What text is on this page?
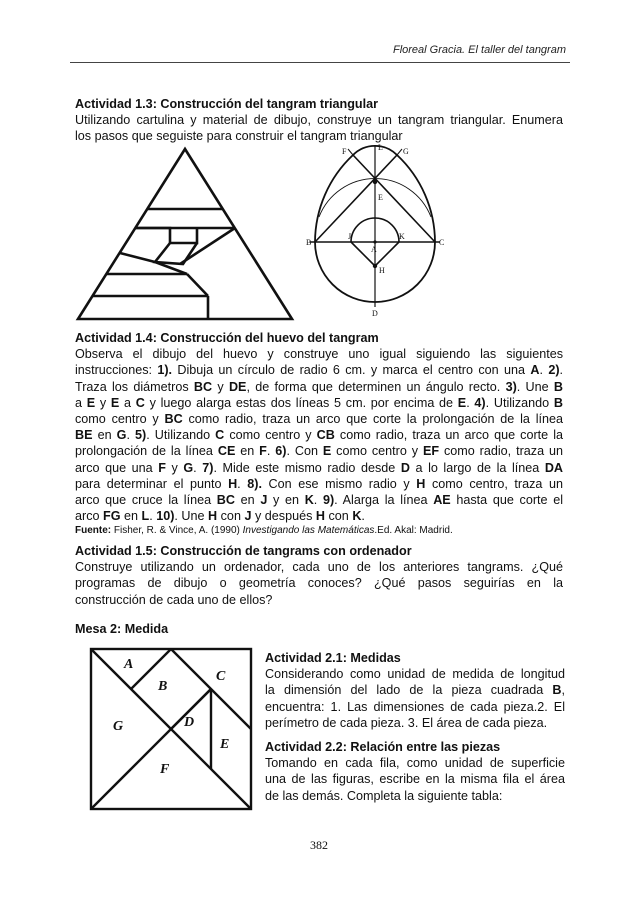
Floreal Gracia. El taller del tangram
Actividad 1.3: Construcción del tangram triangular
Utilizando cartulina y material de dibujo, construye un tangram triangular. Enumera
los pasos que seguiste para construir el tangram triangular
L
F	G
E
B	C
A
J	K
H
D
Actividad 1.4: Construcción del huevo del tangram
Observa el dibujo del huevo y construye uno igual siguiendo las siguientes
instrucciones: 1). Dibuja un círculo de radio 6 cm. y marca el centro con una A. 2).
Traza los diámetros BC y DE, de forma que determinen un ángulo recto. 3). Une B
a E y E a C y luego alarga estas dos líneas 5 cm. por encima de E. 4). Utilizando B
como centro y BC como radio, traza un arco que corte la prolongación de la línea
BE en G. 5). Utilizando C como centro y CB como radio, traza un arco que corte la
prolongación de la línea CE en F. 6). Con E como centro y EF como radio, traza un
arco que una F y G. 7). Mide este mismo radio desde D a lo largo de la línea DA
para determinar el punto H. 8). Con ese mismo radio y H como centro, traza un
arco que cruce la línea BC en J y en K. 9). Alarga la línea AE hasta que corte el
arco FG en L. 10). Une H con J y después H con K.
Fuente: Fisher, R. & Vince, A. (1990) Investigando las Matemáticas.Ed. Akal: Madrid.
Actividad 1.5: Construcción de tangrams con ordenador
Construye utilizando un ordenador, cada uno de los anteriores tangrams. ¿Qué
programas de dibujo o geometría conoces? ¿Qué pasos seguirías en la
construcción de cada uno de ellos?
Mesa 2: Medida
A
B
C
D
E
F
G
Actividad 2.1: Medidas
Considerando como unidad de medida de longitud
la dimensión del lado de la pieza cuadrada B,
encuentra: 1. Las dimensiones de cada pieza.2. El
perímetro de cada pieza. 3. El área de cada pieza.
Actividad 2.2: Relación entre las piezas
Tomando en cada fila, como unidad de superficie
una de las figuras, escribe en la misma fila el área
de las demás. Completa la siguiente tabla:
382
